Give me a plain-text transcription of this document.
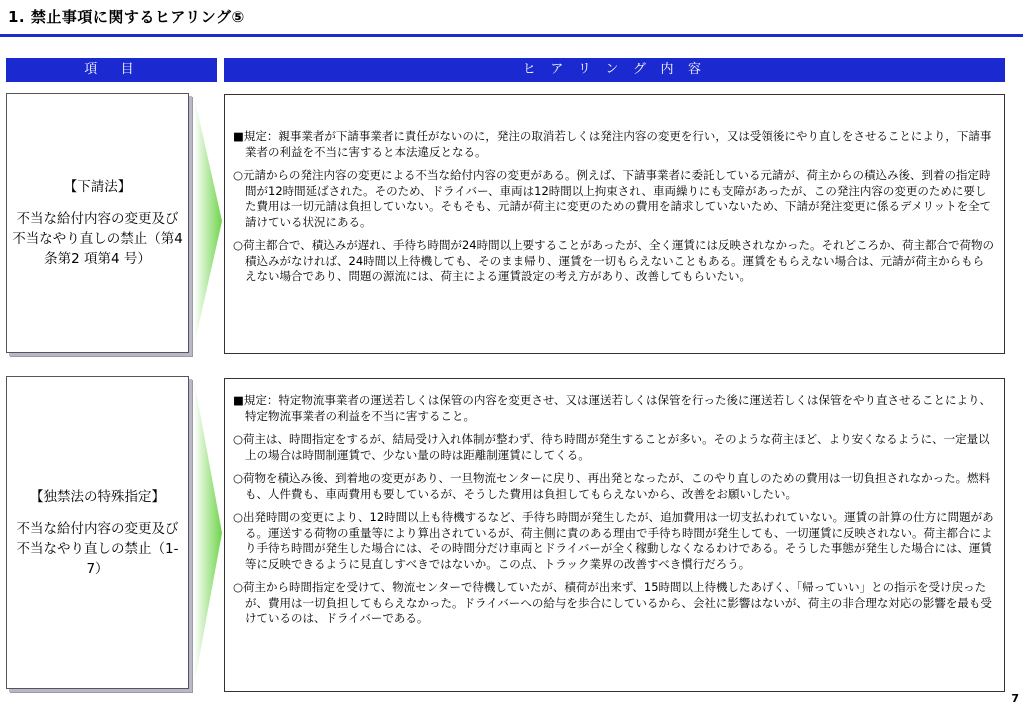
1. 禁止事項に関するヒアリング⑤
項　目	ヒ ア リ ン グ 内 容
【下請法】
不当な給付内容の変更及び不当なやり直しの禁止（第4 条第2 項第4 号）

■規定：親事業者が下請事業者に責任がないのに，発注の取消若しくは発注内容の変更を行い，又は受領後にやり直しをさせることにより，下請事業者の利益を不当に害すると本法違反となる。

○元請からの発注内容の変更による不当な給付内容の変更がある。例えば、下請事業者に委託している元請が、荷主からの積込み後、到着の指定時間が12時間延ばされた。そのため、ドライバー、車両は12時間以上拘束され、車両繰りにも支障があったが、この発注内容の変更のために要した費用は一切元請は負担していない。そもそも、元請が荷主に変更のための費用を請求していないため、下請が発注変更に係るデメリットを全て請けている状況にある。

○荷主都合で、積込みが遅れ、手待ち時間が24時間以上要することがあったが、全く運賃には反映されなかった。それどころか、荷主都合で荷物の積込みがなければ、24時間以上待機しても、そのまま帰り、運賃を一切もらえないこともある。運賃をもらえない場合は、元請が荷主からもらえない場合であり、問題の源流には、荷主による運賃設定の考え方があり、改善してもらいたい。

【独禁法の特殊指定】
不当な給付内容の変更及び不当なやり直しの禁止（1-7）

■規定：特定物流事業者の運送若しくは保管の内容を変更させ、又は運送若しくは保管を行った後に運送若しくは保管をやり直させることにより、特定物流事業者の利益を不当に害すること。

○荷主は、時間指定をするが、結局受け入れ体制が整わず、待ち時間が発生することが多い。そのような荷主ほど、より安くなるように、一定量以上の場合は時間制運賃で、少ない量の時は距離制運賃にしてくる。

○荷物を積込み後、到着地の変更があり、一旦物流センターに戻り、再出発となったが、このやり直しのための費用は一切負担されなかった。燃料も、人件費も、車両費用も要しているが、そうした費用は負担してもらえないから、改善をお願いしたい。

○出発時間の変更により、12時間以上も待機するなど、手待ち時間が発生したが、追加費用は一切支払われていない。運賃の計算の仕方に問題がある。運送する荷物の重量等により算出されているが、荷主側に責のある理由で手待ち時間が発生しても、一切運賃に反映されない。荷主都合により手待ち時間が発生した場合には、その時間分だけ車両とドライバーが全く稼動しなくなるわけである。そうした事態が発生した場合には、運賃等に反映できるように見直しすべきではないか。この点、トラック業界の改善すべき慣行だろう。

○荷主から時間指定を受けて、物流センターで待機していたが、積荷が出来ず、15時間以上待機したあげく、「帰っていい」との指示を受け戻ったが、費用は一切負担してもらえなかった。ドライバーへの給与を歩合にしているから、会社に影響はないが、荷主の非合理な対応の影響を最も受けているのは、ドライバーである。

7
